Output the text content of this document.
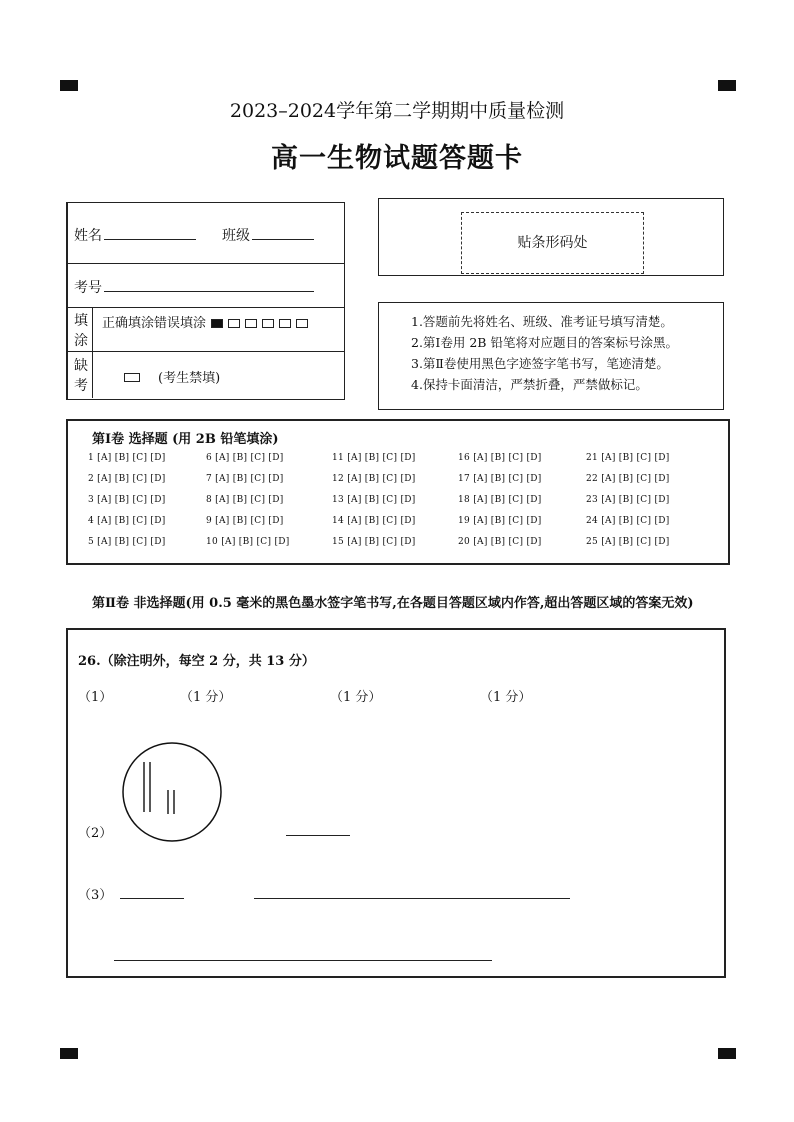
2023–2024学年第二学期期中质量检测
高一生物试题答题卡
姓名	班级
考号
填
涂
正确填涂错误填涂
缺
考	(考生禁填)
贴条形码处
1.答题前先将姓名、班级、准考证号填写清楚。
2.第Ⅰ卷用 2B 铅笔将对应题目的答案标号涂黑。
3.第Ⅱ卷使用黑色字迹签字笔书写，笔迹清楚。
4.保持卡面清洁，严禁折叠，严禁做标记。
第Ⅰ卷 选择题 (用 2B 铅笔填涂)
1 [A] [B] [C] [D]	6 [A] [B] [C] [D]	11 [A] [B] [C] [D]	16 [A] [B] [C] [D]	21 [A] [B] [C] [D]
2 [A] [B] [C] [D]	7 [A] [B] [C] [D]	12 [A] [B] [C] [D]	17 [A] [B] [C] [D]	22 [A] [B] [C] [D]
3 [A] [B] [C] [D]	8 [A] [B] [C] [D]	13 [A] [B] [C] [D]	18 [A] [B] [C] [D]	23 [A] [B] [C] [D]
4 [A] [B] [C] [D]	9 [A] [B] [C] [D]	14 [A] [B] [C] [D]	19 [A] [B] [C] [D]	24 [A] [B] [C] [D]
5 [A] [B] [C] [D]	10 [A] [B] [C] [D]	15 [A] [B] [C] [D]	20 [A] [B] [C] [D]	25 [A] [B] [C] [D]
第Ⅱ卷 非选择题(用 0.5 毫米的黑色墨水签字笔书写,在各题目答题区域内作答,超出答题区域的答案无效)
26.（除注明外，每空 2 分，共 13 分）
（1）	（1 分）	（1 分）	（1 分）
（2）
（3）
